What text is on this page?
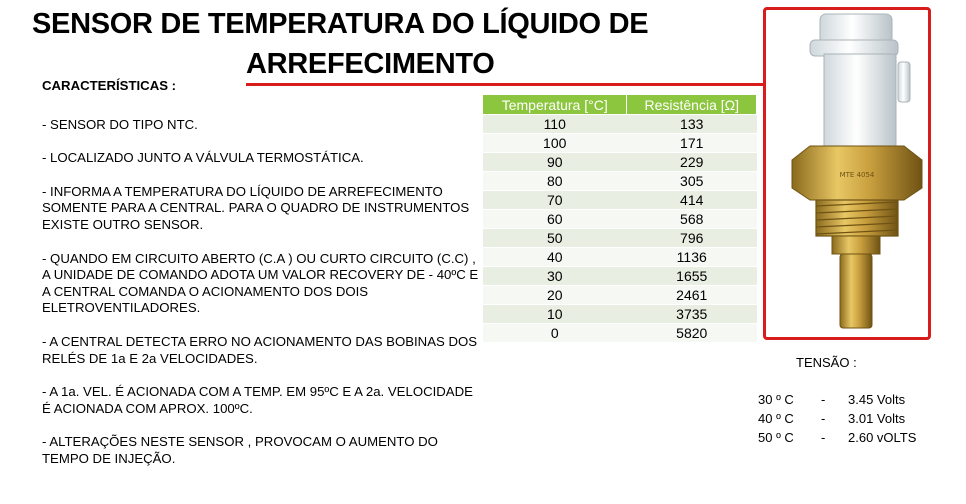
SENSOR DE TEMPERATURA DO LÍQUIDO DE
ARREFECIMENTO
CARACTERÍSTICAS :
- SENSOR DO TIPO NTC.
- LOCALIZADO JUNTO A VÁLVULA TERMOSTÁTICA.
- INFORMA A TEMPERATURA DO LÍQUIDO DE ARREFECIMENTO SOMENTE PARA A CENTRAL. PARA O QUADRO DE INSTRUMENTOS EXISTE OUTRO SENSOR.
- QUANDO EM CIRCUITO ABERTO (C.A ) OU CURTO CIRCUITO (C.C) , A UNIDADE DE COMANDO ADOTA UM VALOR RECOVERY DE - 40ºC E A CENTRAL COMANDA O ACIONAMENTO DOS DOIS ELETROVENTILADORES.
- A CENTRAL DETECTA ERRO NO ACIONAMENTO DAS BOBINAS DOS RELÉS DE 1a E 2a VELOCIDADES.
- A 1a. VEL. É ACIONADA COM A TEMP. EM 95ºC E A 2a. VELOCIDADE É ACIONADA COM APROX. 100ºC.
- ALTERAÇÕES NESTE SENSOR , PROVOCAM O AUMENTO DO TEMPO DE INJEÇÃO.
Temperatura [°C]	Resistência [Ω]
110	133
100	171
90	229
80	305
70	414
60	568
50	796
40	1136
30	1655
20	2461
10	3735
0	5820
MTE 4054
TENSÃO :
30 º C	-	3.45 Volts
40 º C	-	3.01 Volts
50 º C	-	2.60 vOLTS
